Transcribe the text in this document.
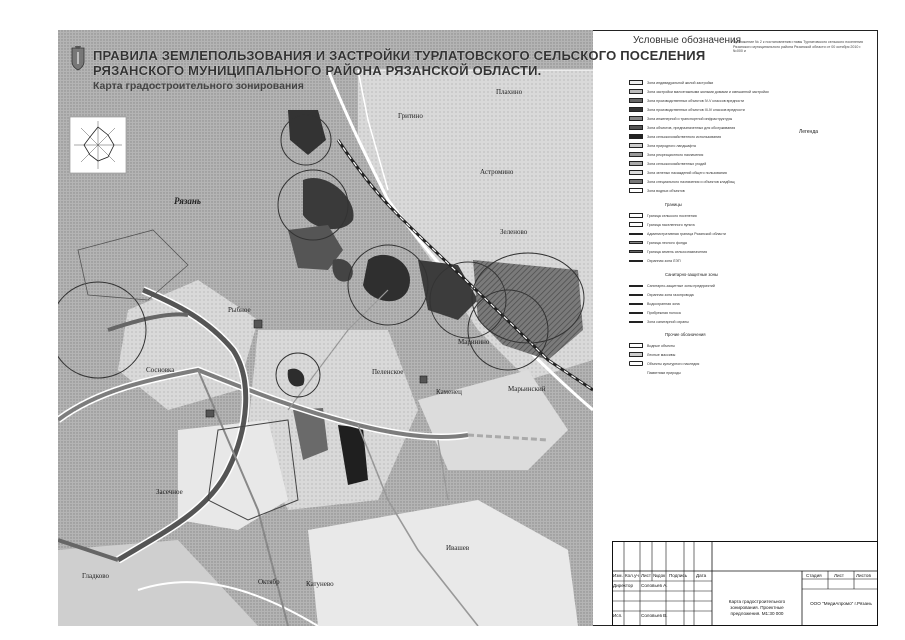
ПРАВИЛА ЗЕМЛЕПОЛЬЗОВАНИЯ И ЗАСТРОЙКИ ТУРЛАТОВСКОГО СЕЛЬСКОГО ПОСЕЛЕНИЯ
РЯЗАНСКОГО МУНИЦИПАЛЬНОГО РАЙОНА РЯЗАНСКОЙ ОБЛАСТИ.
Карта градостроительного зонирования
Рязань
Гритино
Плахино
Астромино
Зеленово
Рыбное
Маринино
Пеленское
Каменец
Сосновка
Засечное
Ивашев
Гладково
Октябр	Катунево
Марьинский
Условные обозначения
Приложение № 2 к постановлению главы Турлатовского сельского поселения Рязанского муниципального района Рязанской области от 00 октября 2010 г. №000 и
Легенда
Зона индивидуальной жилой застройки
Зона застройки малоэтажными жилыми домами и смешанной застройки
Зона производственных объектов IV-V классов вредности
Зона производственных объектов III-IV классов вредности
Зона инженерной и транспортной инфраструктуры
Зона объектов, предназначенных для обслуживания
Зона сельскохозяйственного использования
Зона природного ландшафта
Зона рекреационного назначения
Зона сельскохозяйственных угодий
Зона зеленых насаждений общего пользования
Зона специального назначения и объектов кладбищ
Зона водных объектов
Границы
Граница сельского поселения
Граница населенного пункта
Административная граница Рязанской области
Граница лесного фонда
Граница земель сельхозназначения
Охранная зона ЛЭП
Санитарно-защитные зоны
Санитарно-защитные зоны предприятий
Охранная зона газопровода
Водоохранная зона
Прибрежная полоса
Зона санитарной охраны
Прочие обозначения
Водные объекты
Лесные массивы
Объекты культурного наследия
Памятники природы
Изм. Кол.уч Лист №док Подпись Дата
Директор Соловьев А.
Исп.	Соловьев В.
Стадия	Лист	Листов
Карта градостроительного зонирования. Проектные предложения. М1:30 000
ООО "МедиАпромо" г.Рязань
